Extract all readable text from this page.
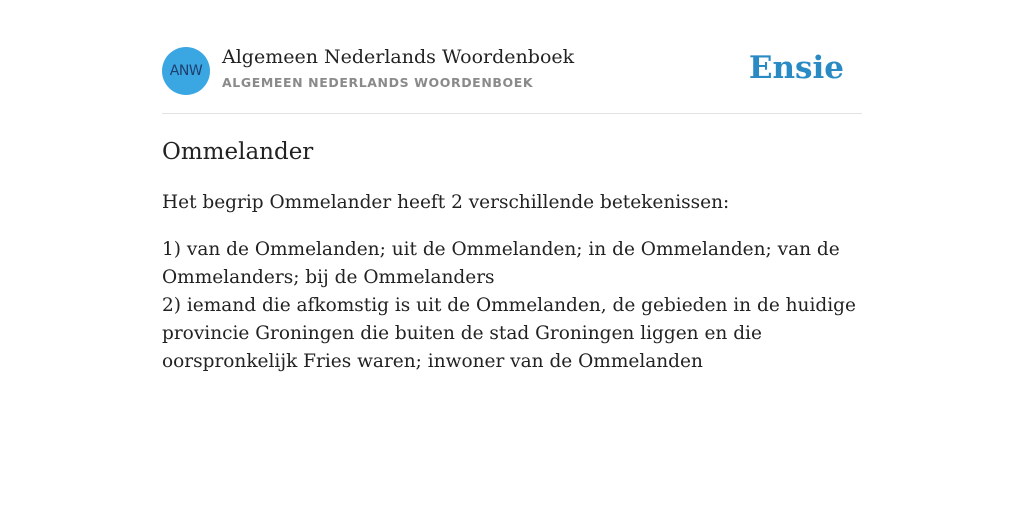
ANW
Algemeen Nederlands Woordenboek
ALGEMEEN NEDERLANDS WOORDENBOEK	Ensie
Ommelander

Het begrip Ommelander heeft 2 verschillende betekenissen:

1) van de Ommelanden; uit de Ommelanden; in de Ommelanden; van de Ommelanders; bij de Ommelanders
2) iemand die afkomstig is uit de Ommelanden, de gebieden in de huidige provincie Groningen die buiten de stad Groningen liggen en die oorspronkelijk Fries waren; inwoner van de Ommelanden
